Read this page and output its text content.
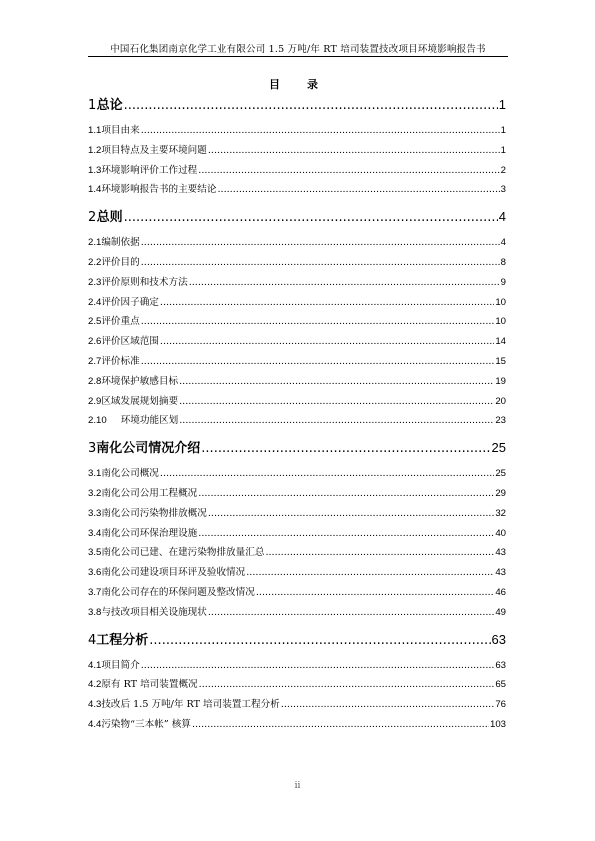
中国石化集团南京化学工业有限公司 1.5 万吨/年 RT 培司装置技改项目环境影响报告书
目　录
1 总论 .....	1
1.1 项目由来 .....	1
1.2 项目特点及主要环境问题 .....	1
1.3 环境影响评价工作过程 .....	2
1.4 环境影响报告书的主要结论 .....	3
2 总则 .....	4
2.1 编制依据 .....	4
2.2 评价目的 .....	8
2.3 评价原则和技术方法 .....	9
2.4 评价因子确定 .....	10
2.5 评价重点 .....	10
2.6 评价区域范围 .....	14
2.7 评价标准 .....	15
2.8 环境保护敏感目标 .....	19
2.9 区域发展规划摘要 .....	20
2.10	环境功能区划 .....	23
3 南化公司情况介绍 .....	25
3.1 南化公司概况 .....	25
3.2 南化公司公用工程概况 .....	29
3.3 南化公司污染物排放概况 .....	32
3.4 南化公司环保治理设施 .....	40
3.5 南化公司已建、在建污染物排放量汇总 .....	43
3.6 南化公司建设项目环评及验收情况 .....	43
3.7 南化公司存在的环保问题及整改情况 .....	46
3.8 与技改项目相关设施现状 .....	49
4 工程分析 .....	63
4.1 项目简介 .....	63
4.2 原有 RT 培司装置概况 .....	65
4.3 技改后 1.5 万吨/年 RT 培司装置工程分析 .....	76
4.4 污染物“三本帐” 核算 .....	103
ii
